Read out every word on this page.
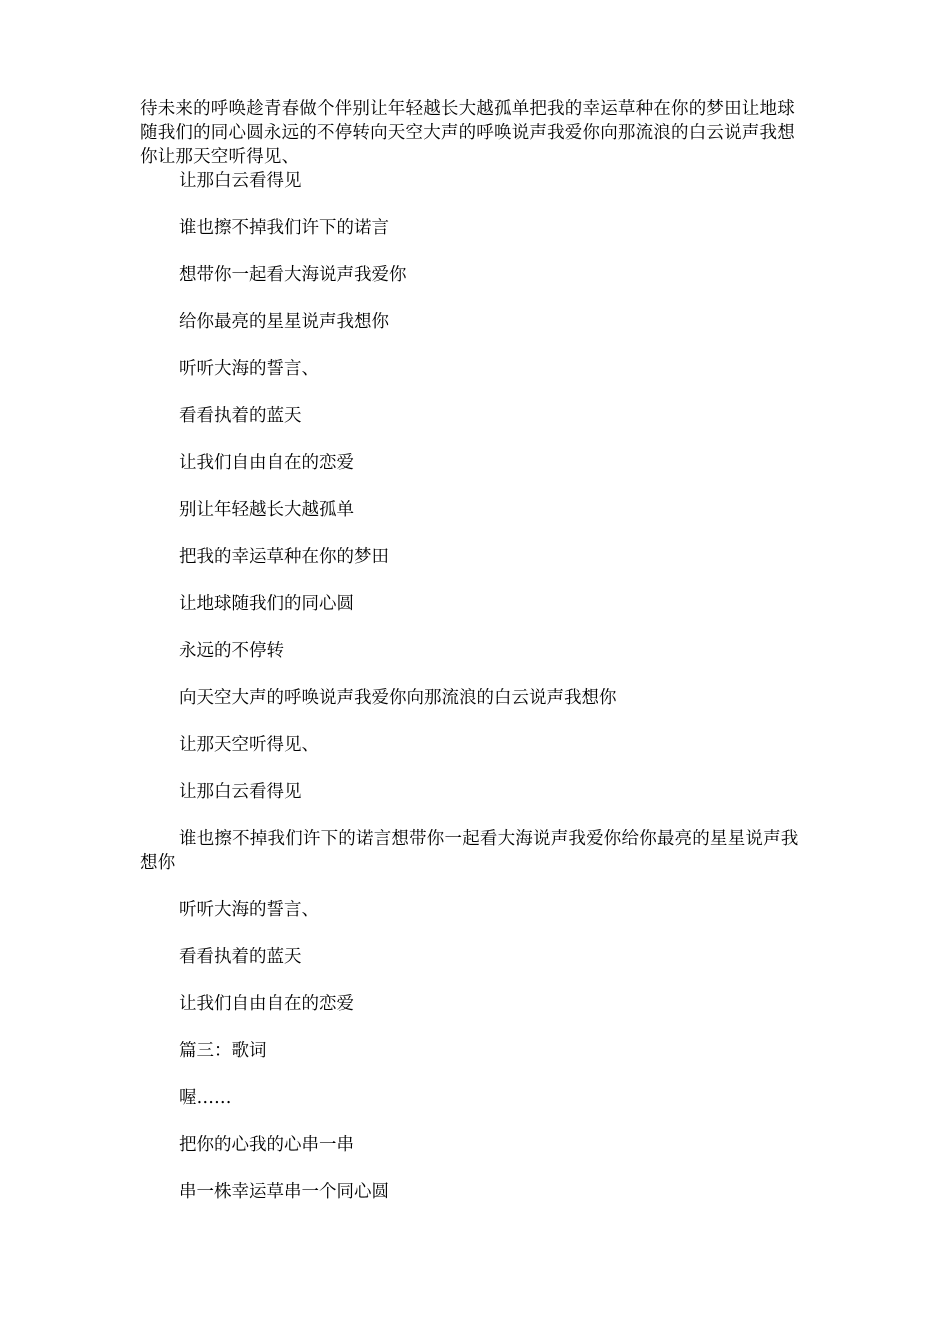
待未来的呼唤趁青春做个伴别让年轻越长大越孤单把我的幸运草种在你的梦田让地球随我们的同心圆永远的不停转向天空大声的呼唤说声我爱你向那流浪的白云说声我想你让那天空听得见、

让那白云看得见

谁也擦不掉我们许下的诺言

想带你一起看大海说声我爱你

给你最亮的星星说声我想你

听听大海的誓言、

看看执着的蓝天

让我们自由自在的恋爱

别让年轻越长大越孤单

把我的幸运草种在你的梦田

让地球随我们的同心圆

永远的不停转

向天空大声的呼唤说声我爱你向那流浪的白云说声我想你

让那天空听得见、

让那白云看得见

谁也擦不掉我们许下的诺言想带你一起看大海说声我爱你给你最亮的星星说声我想你

听听大海的誓言、

看看执着的蓝天

让我们自由自在的恋爱

篇三：歌词

喔……

把你的心我的心串一串

串一株幸运草串一个同心圆
